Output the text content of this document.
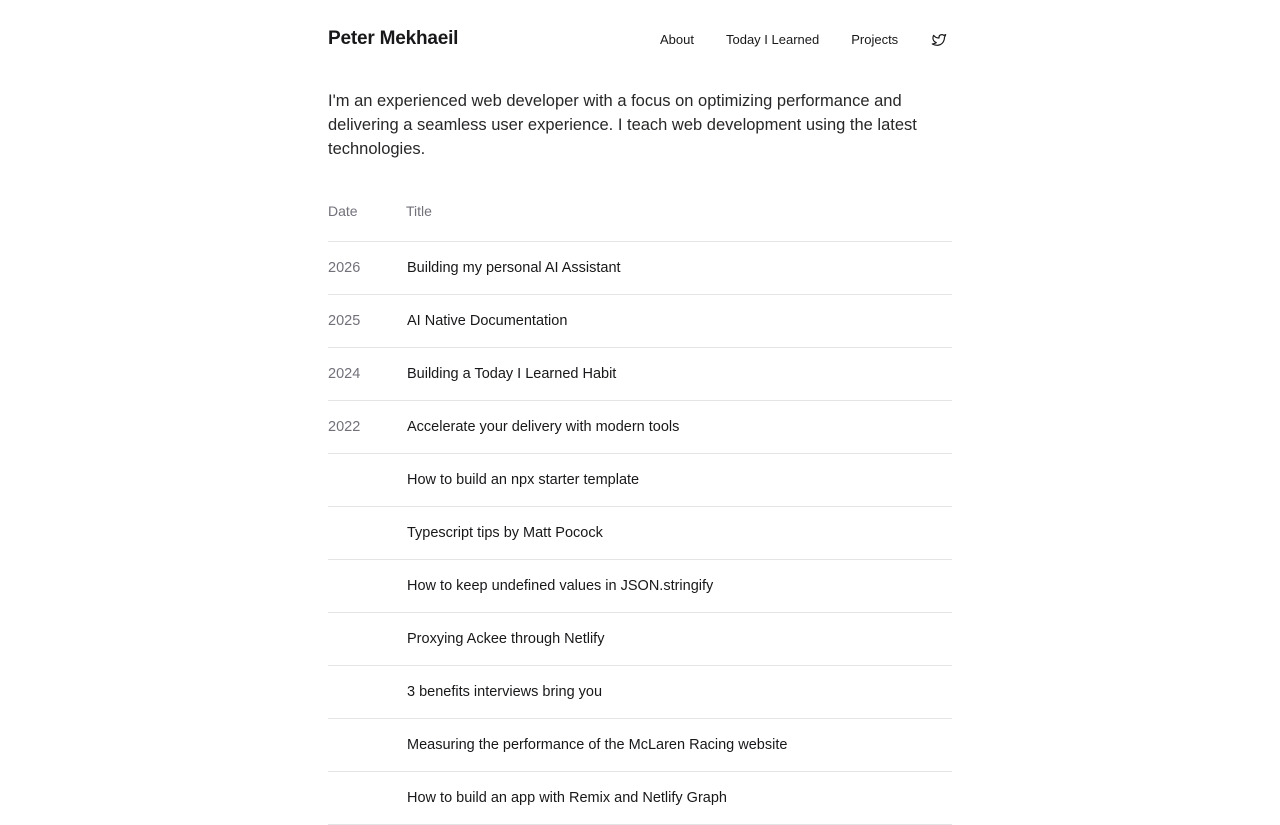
Peter Mekhaeil	About Today I Learned Projects

I'm an experienced web developer with a focus on optimizing performance and delivering a seamless user experience. I teach web development using the latest technologies.

Date	Title
2026	Building my personal AI Assistant
2025	AI Native Documentation
2024	Building a Today I Learned Habit
2022	Accelerate your delivery with modern tools
	How to build an npx starter template
	Typescript tips by Matt Pocock
	How to keep undefined values in JSON.stringify
	Proxying Ackee through Netlify
	3 benefits interviews bring you
	Measuring the performance of the McLaren Racing website
	How to build an app with Remix and Netlify Graph
